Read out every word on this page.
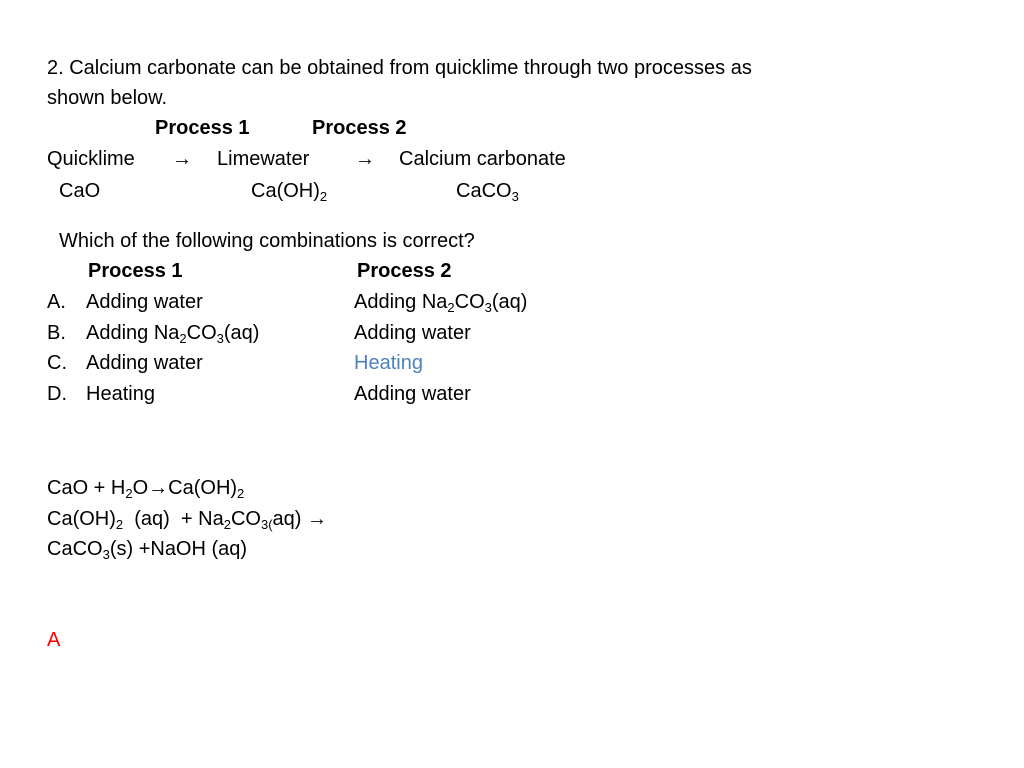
2. Calcium carbonate can be obtained from quicklime through two processes as
shown below.
Process 1	Process 2
Quicklime → Limewater → Calcium carbonate
CaO	$Ca(OH)_2$	CaCO$_3$
Which of the following combinations is correct?
Process 1	Process 2
A. Adding water	Adding $Na_2CO_3(aq)$
B. Adding $Na_2CO_3(aq)$	Adding water
C. Adding water	Heating
D. Heating	Adding water
CaO + $H_2O\to Ca(OH)_2$
$Ca(OH)_2$  $(aq) + Na_2CO_{3(}aq$) →
CaCO$_3$(s) +NaOH (aq)
A
